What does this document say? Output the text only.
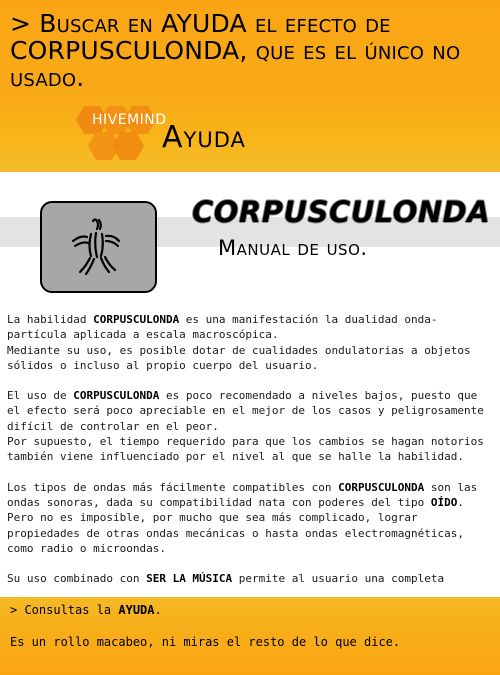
> Buscar en AYUDA el efecto de CORPUSCULONDA, que es el único no usado.

HIVEMIND
Ayuda
CORPUSCULONDA
Manual de uso.

La habilidad CORPUSCULONDA es una manifestación la dualidad onda-partícula aplicada a escala macroscópica.
Mediante su uso, es posible dotar de cualidades ondulatorias a objetos sólidos o incluso al propio cuerpo del usuario.

El uso de CORPUSCULONDA es poco recomendado a niveles bajos, puesto que el efecto será poco apreciable en el mejor de los casos y peligrosamente difícil de controlar en el peor.
Por supuesto, el tiempo requerido para que los cambios se hagan notorios también viene influenciado por el nivel al que se halle la habilidad.

Los tipos de ondas más fácilmente compatibles con CORPUSCULONDA son las ondas sonoras, dada su compatibilidad nata con poderes del tipo OÍDO.
Pero no es imposible, por mucho que sea más complicado, lograr propiedades de otras ondas mecánicas o hasta ondas electromagnéticas, como radio o microondas.

Su uso combinado con SER LA MÚSICA permite al usuario una completa

> Consultas la AYUDA.
Es un rollo macabeo, ni miras el resto de lo que dice.
